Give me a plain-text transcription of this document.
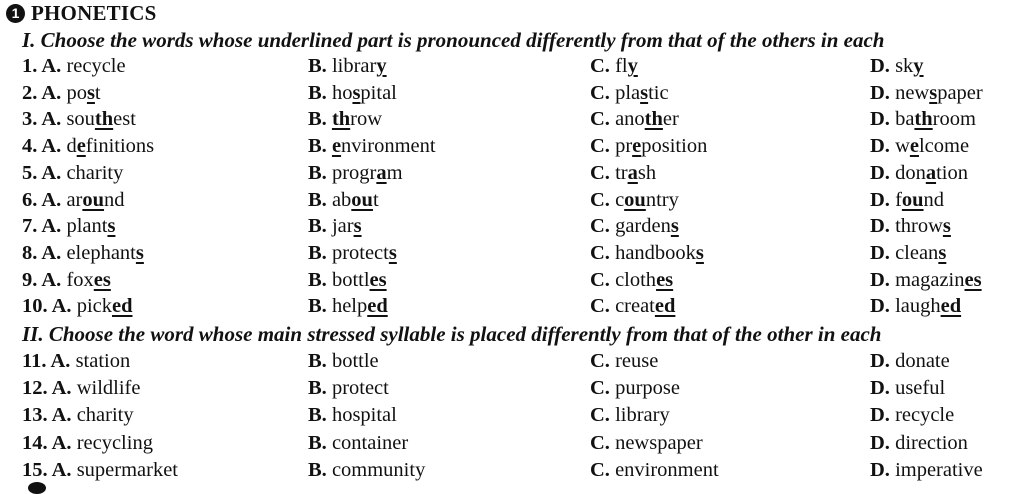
1 PHONETICS
I. Choose the words whose underlined part is pronounced differently from that of the others in each
1. A. recycle	B. library	C. fly	D. sky
2. A. post	B. hospital	C. plastic	D. newspaper
3. A. southest	B. throw	C. another	D. bathroom
4. A. definitions	B. environment	C. preposition	D. welcome
5. A. charity	B. program	C. trash	D. donation
6. A. around	B. about	C. country	D. found
7. A. plants	B. jars	C. gardens	D. throws
8. A. elephants	B. protects	C. handbooks	D. cleans
9. A. foxes	B. bottles	C. clothes	D. magazines
10. A. picked	B. helped	C. created	D. laughed
II. Choose the word whose main stressed syllable is placed differently from that of the other in each
11. A. station	B. bottle	C. reuse	D. donate
12. A. wildlife	B. protect	C. purpose	D. useful
13. A. charity	B. hospital	C. library	D. recycle
14. A. recycling	B. container	C. newspaper	D. direction
15. A. supermarket	B. community	C. environment	D. imperative
